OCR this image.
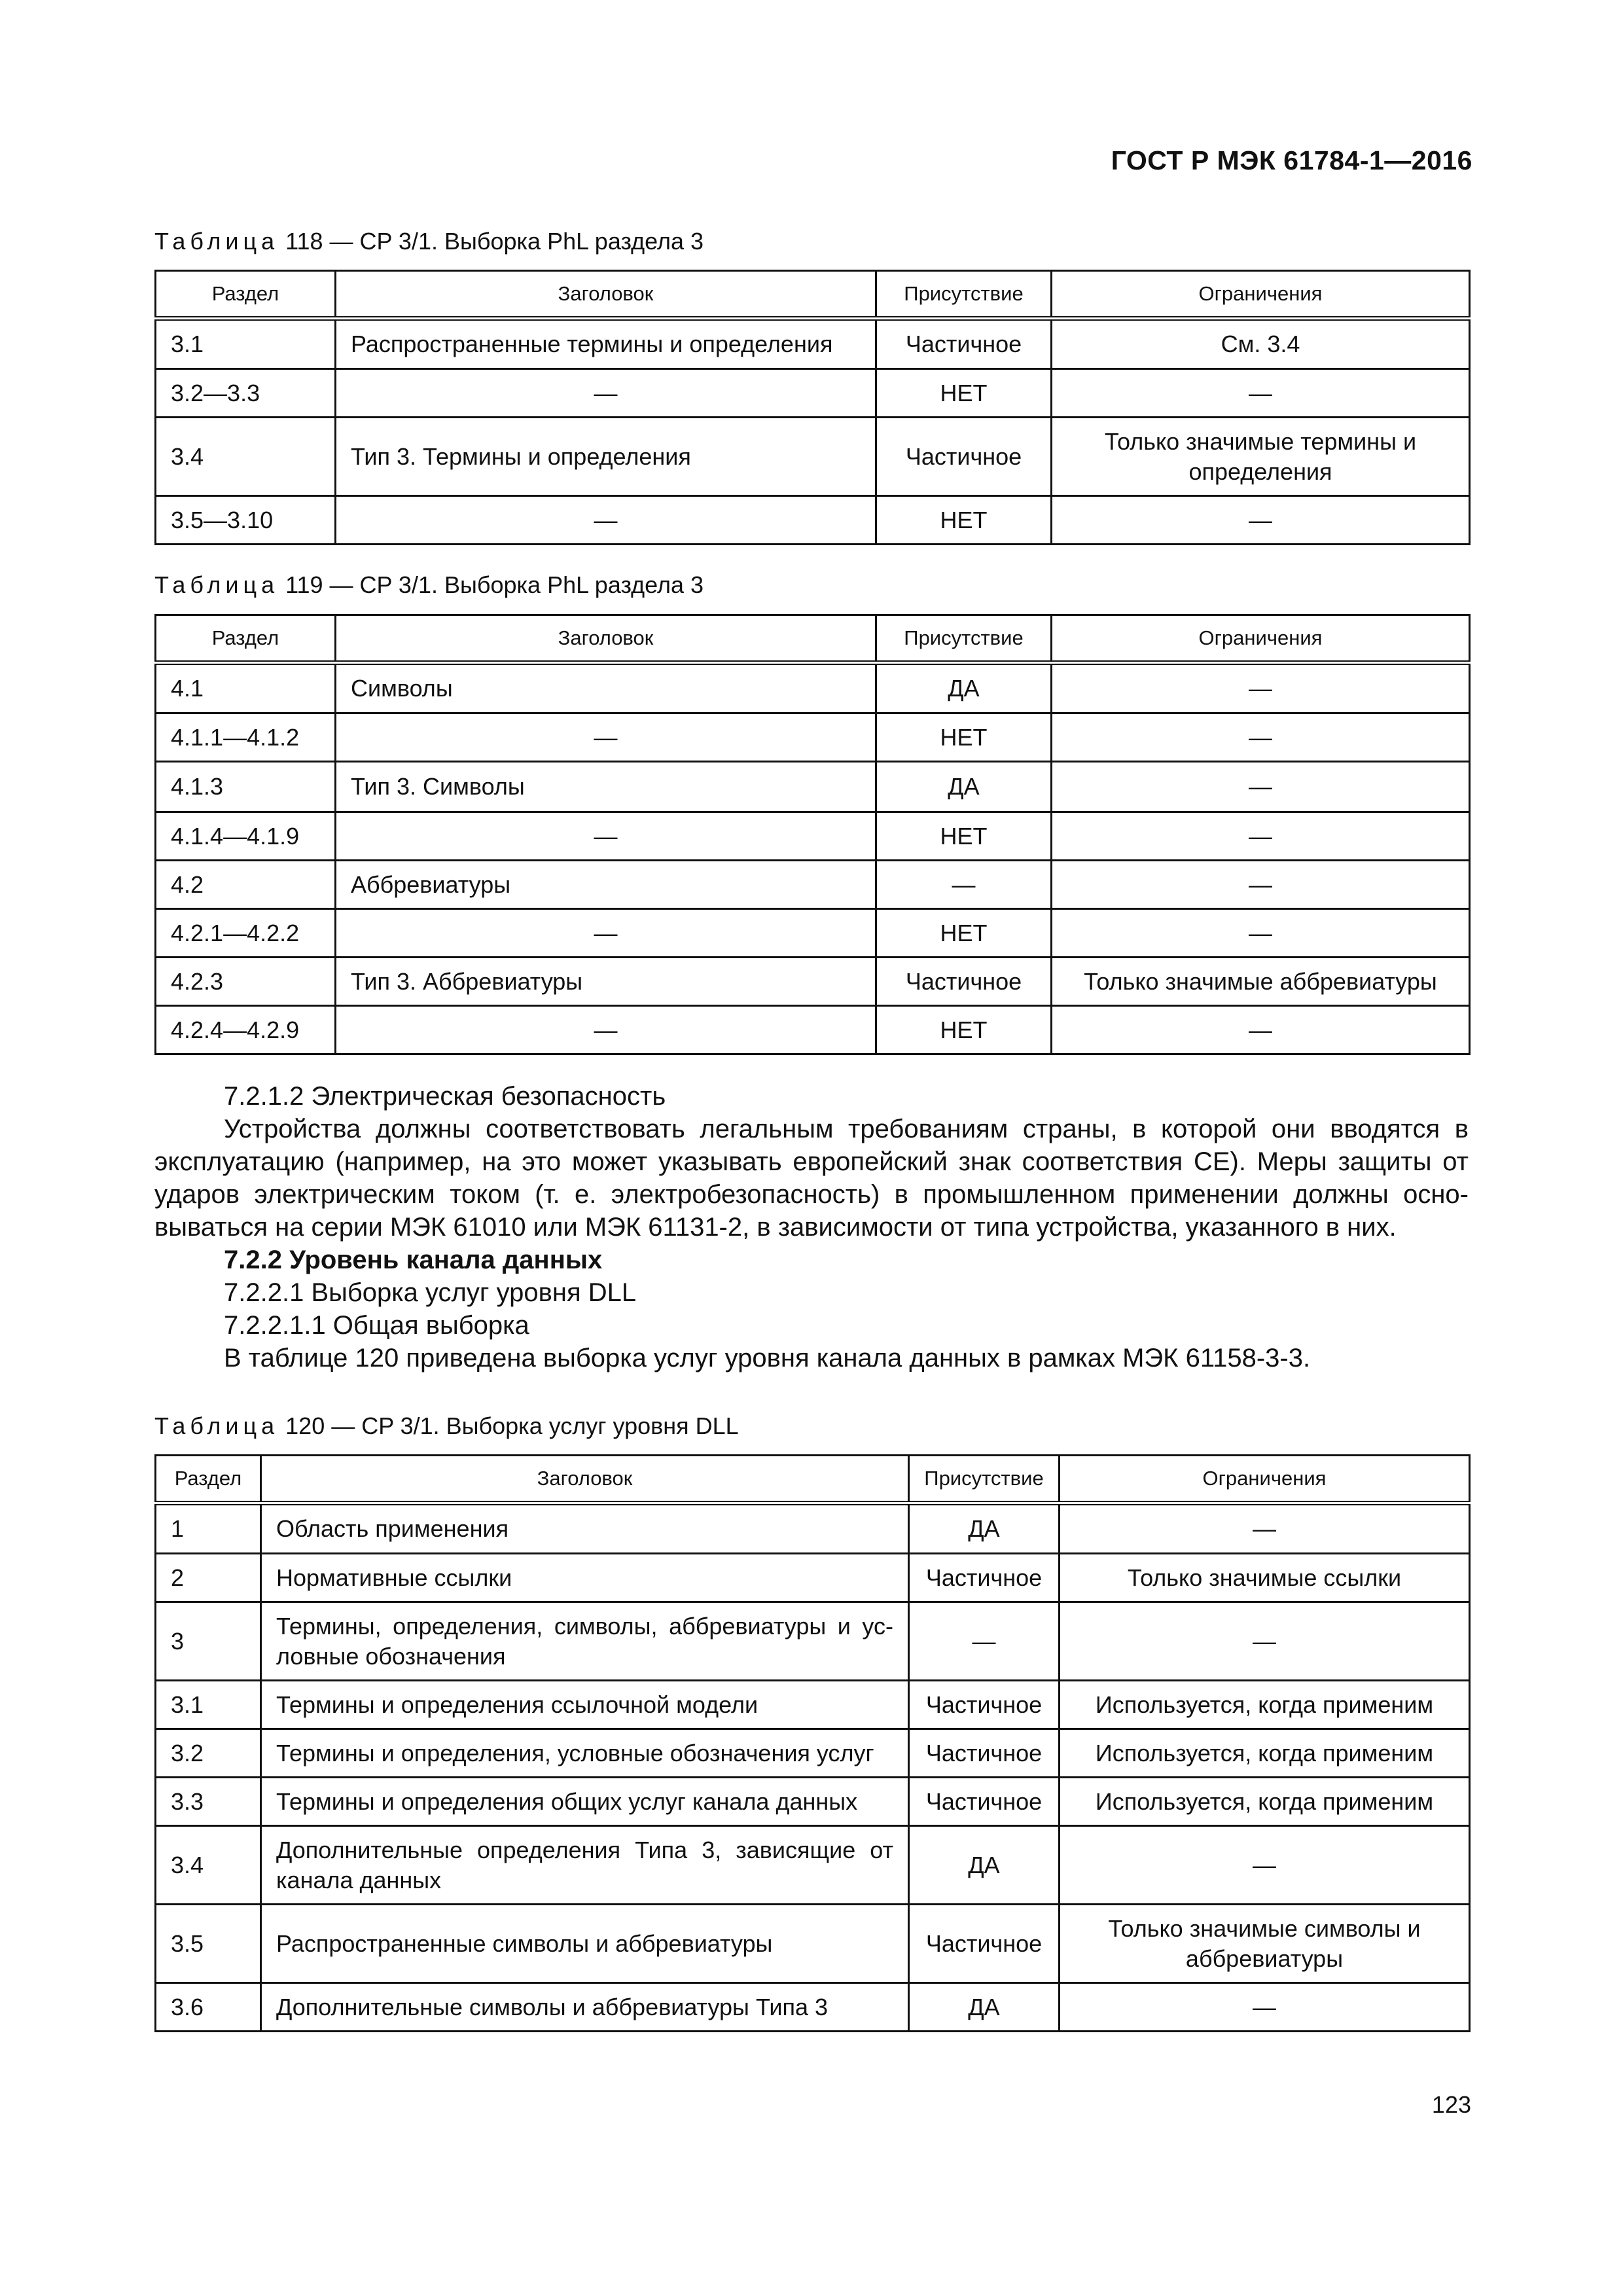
ГОСТ Р МЭК 61784-1—2016
Таблица 118 — CP 3/1. Выборка PhL раздела 3
Раздел	Заголовок	Присутствие	Ограничения
3.1	Распространенные термины и определения	Частичное	См. 3.4
3.2—3.3	—	НЕТ	—
3.4	Тип 3. Термины и определения	Частичное	Только значимые термины и определения
3.5—3.10	—	НЕТ	—
Таблица 119 — CP 3/1. Выборка PhL раздела 3
Раздел	Заголовок	Присутствие	Ограничения
4.1	Символы	ДА	—
4.1.1—4.1.2	—	НЕТ	—
4.1.3	Тип 3. Символы	ДА	—
4.1.4—4.1.9	—	НЕТ	—
4.2	Аббревиатуры	—	—
4.2.1—4.2.2	—	НЕТ	—
4.2.3	Тип 3. Аббревиатуры	Частичное	Только значимые аббревиатуры
4.2.4—4.2.9	—	НЕТ	—

7.2.1.2 Электрическая безопасность

Устройства должны соответствовать легальным требованиям страны, в которой они вводятся в

эксплуатацию (например, на это может указывать европейский знак соответствия CE). Меры защиты от

ударов электрическим током (т. е. электробезопасность) в промышленном применении должны осно-

вываться на серии МЭК 61010 или МЭК 61131-2, в зависимости от типа устройства, указанного в них.

7.2.2 Уровень канала данных

7.2.2.1 Выборка услуг уровня DLL

7.2.2.1.1 Общая выборка

В таблице 120 приведена выборка услуг уровня канала данных в рамках МЭК 61158-3-3.

Таблица 120 — CP 3/1. Выборка услуг уровня DLL
Раздел	Заголовок	Присутствие	Ограничения
1	Область применения	ДА	—
2	Нормативные ссылки	Частичное	Только значимые ссылки
3	Термины, определения, символы, аббревиатуры и ус-ловные обозначения	—	—
3.1	Термины и определения ссылочной модели	Частичное	Используется, когда применим
3.2	Термины и определения, условные обозначения услуг	Частичное	Используется, когда применим
3.3	Термины и определения общих услуг канала данных	Частичное	Используется, когда применим
3.4	Дополнительные определения Типа 3, зависящие от канала данных	ДА	—
3.5	Распространенные символы и аббревиатуры	Частичное	Только значимые символы и аббревиатуры
3.6	Дополнительные символы и аббревиатуры Типа 3	ДА	—
123
